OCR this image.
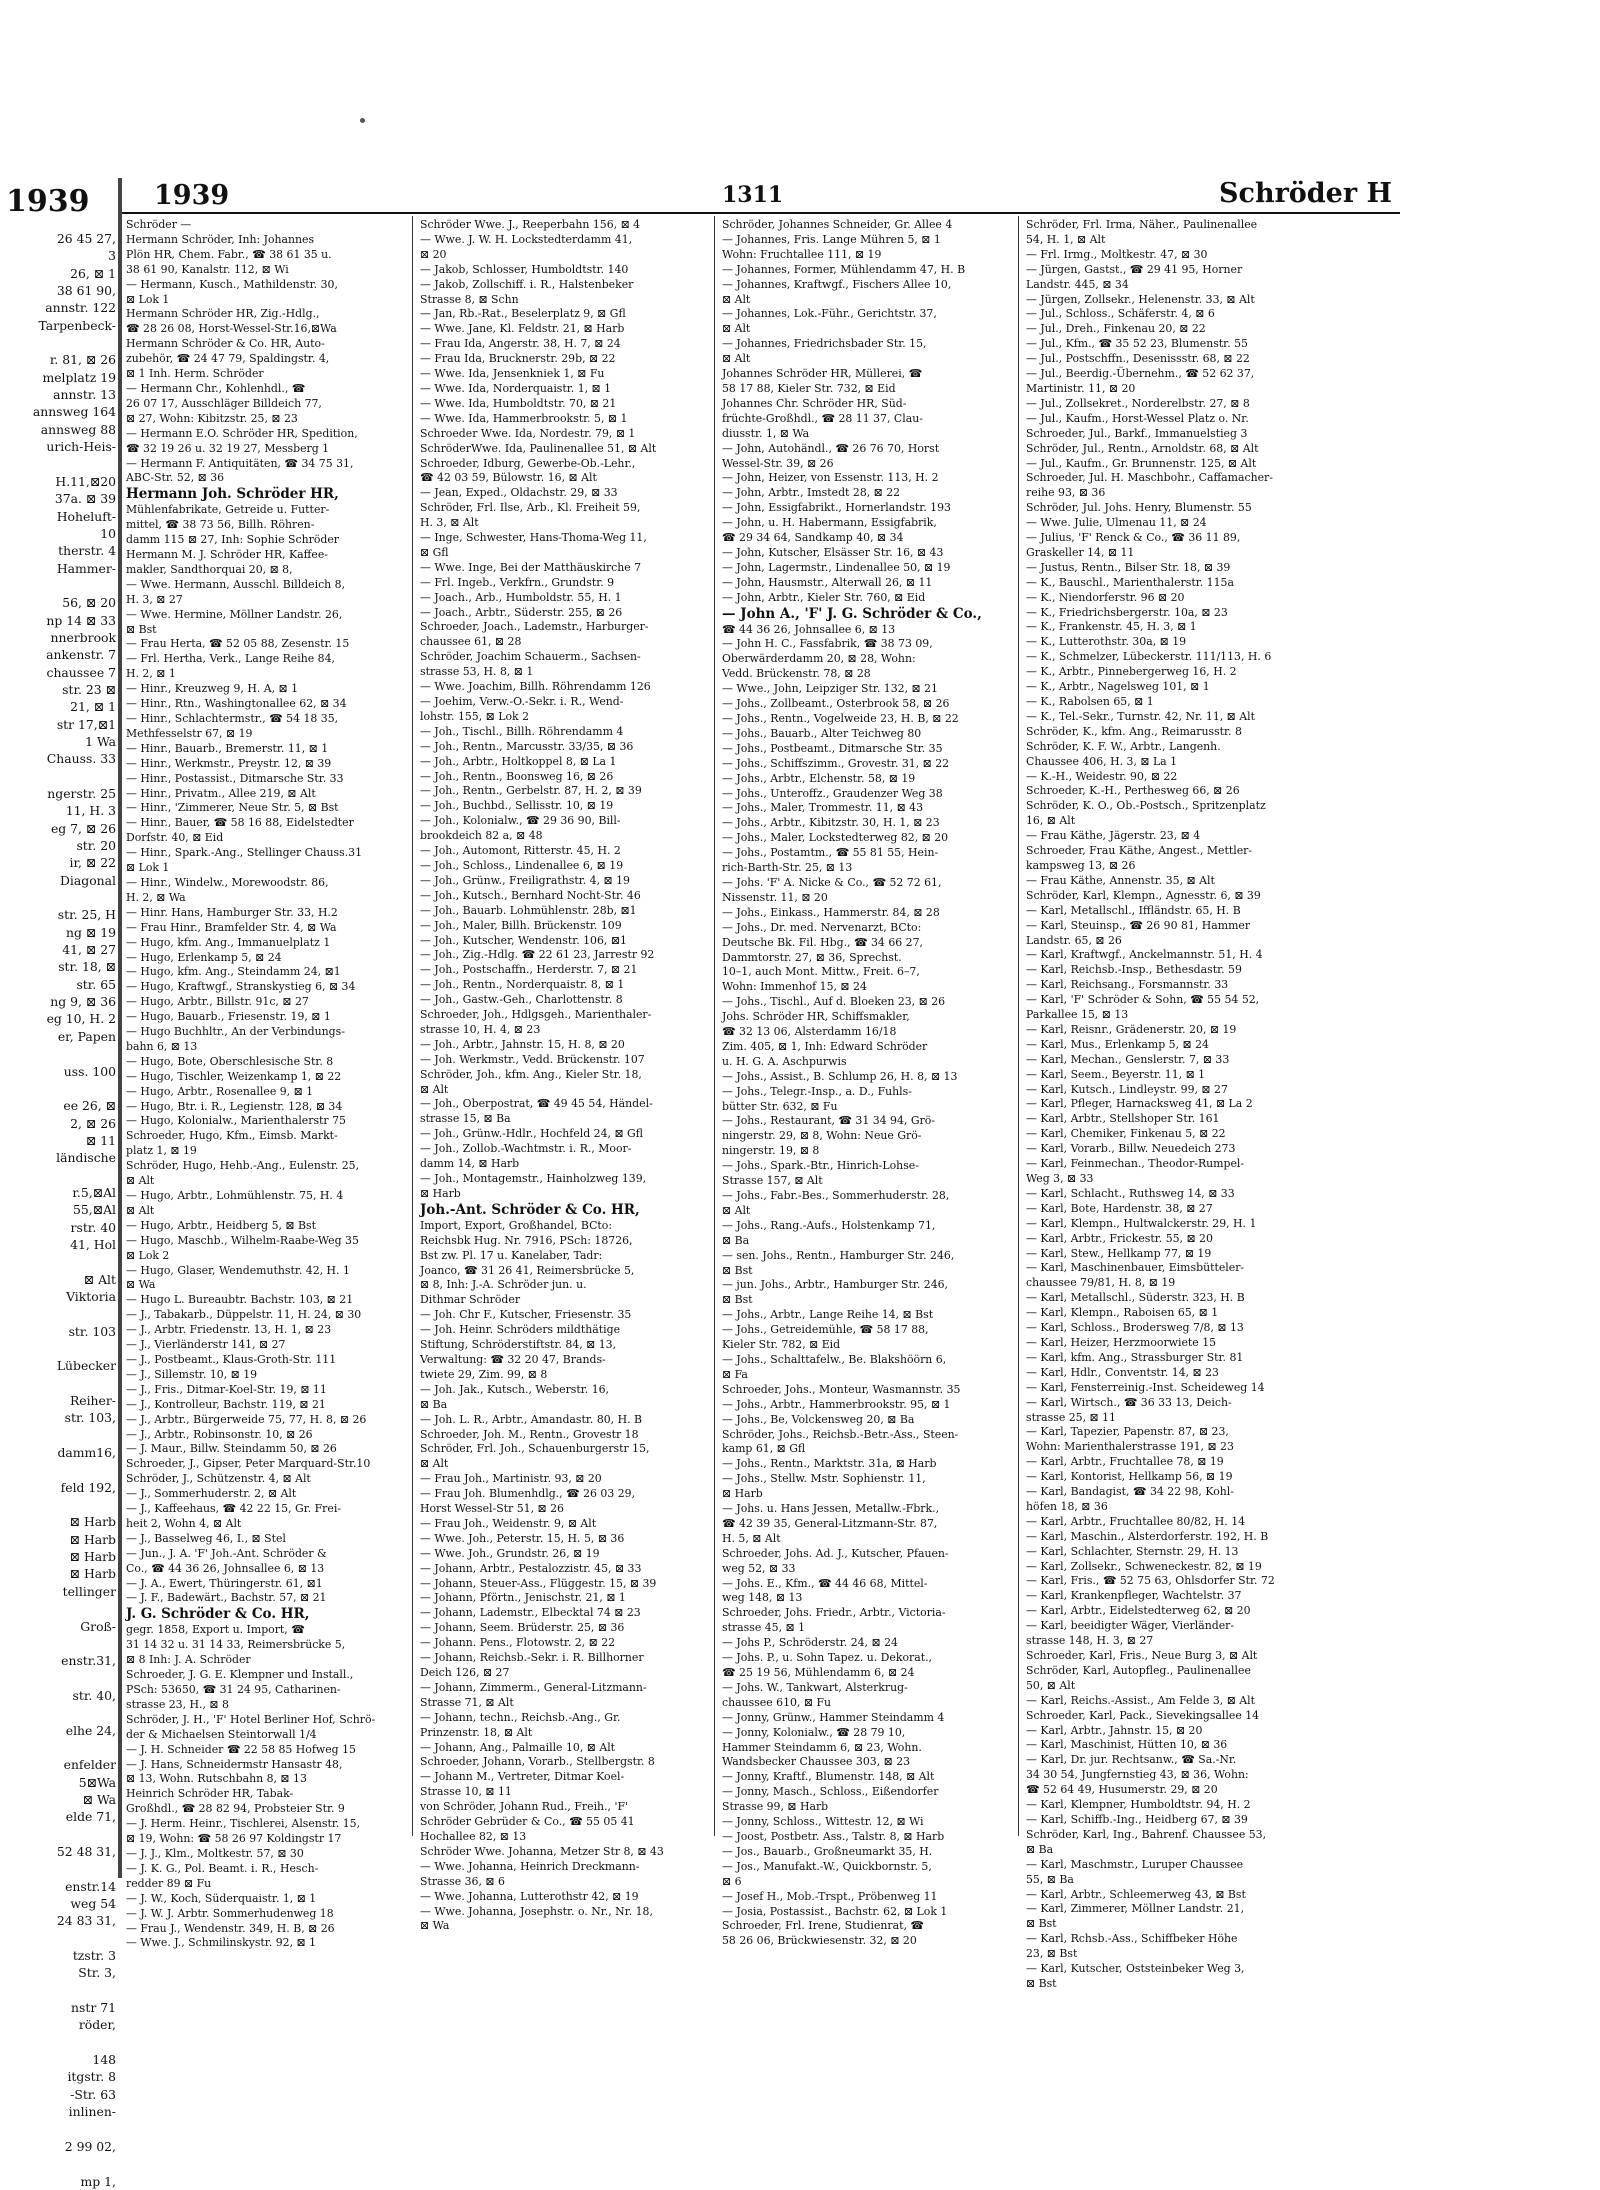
1939
26 45 27,
3
26, ⊠ 1
38 61 90,
annstr. 122
Tarpenbeck-

r. 81, ⊠ 26
melplatz 19
annstr. 13
annsweg 164
annsweg 88
urich-Heis-

H.11,⊠20
37a. ⊠ 39
Hoheluft-
10
therstr. 4
Hammer-

56, ⊠ 20
np 14 ⊠ 33
nnerbrook
ankenstr. 7
chaussee 7
str. 23 ⊠
21, ⊠ 1
str 17,⊠1
1 Wa
Chauss. 33

ngerstr. 25
11, H. 3
eg 7, ⊠ 26
str. 20
ir, ⊠ 22
Diagonal

str. 25, H
ng ⊠ 19
41, ⊠ 27
str. 18, ⊠
str. 65
ng 9, ⊠ 36
eg 10, H. 2
er, Papen

uss. 100

ee 26, ⊠
2, ⊠ 26
⊠ 11
ländische

r.5,⊠Al
55,⊠Al
rstr. 40
41, Hol

⊠ Alt
Viktoria

str. 103

Lübecker

Reiher-
str. 103,

damm16,

feld 192,

⊠ Harb
⊠ Harb
⊠ Harb
⊠ Harb
tellinger

Groß-

enstr.31,

str. 40,

elhe 24,

enfelder
5⊠Wa
⊠ Wa
elde 71,

52 48 31,

enstr.14
weg 54
24 83 31,

tzstr. 3
Str. 3,

nstr 71
röder,

148
itgstr. 8
-Str. 63
inlinen-

2 99 02,

mp 1,
1939	1311	Schröder H
Schröder —
Hermann Schröder, Inh: Johannes
Plön HR, Chem. Fabr., ☎ 38 61 35 u.
38 61 90, Kanalstr. 112, ⊠ Wi
— Hermann, Kusch., Mathildenstr. 30,
⊠ Lok 1
Hermann Schröder HR, Zig.-Hdlg.,
☎ 28 26 08, Horst-Wessel-Str.16,⊠Wa
Hermann Schröder & Co. HR, Auto-
zubehör, ☎ 24 47 79, Spaldingstr. 4,
⊠ 1 Inh. Herm. Schröder
— Hermann Chr., Kohlenhdl., ☎
26 07 17, Ausschläger Billdeich 77,
⊠ 27, Wohn: Kibitzstr. 25, ⊠ 23
— Hermann E.O. Schröder HR, Spedition,
☎ 32 19 26 u. 32 19 27, Messberg 1
— Hermann F. Antiquitäten, ☎ 34 75 31,
ABC-Str. 52, ⊠ 36
Hermann Joh. Schröder HR,
Mühlenfabrikate, Getreide u. Futter-
mittel, ☎ 38 73 56, Billh. Röhren-
damm 115 ⊠ 27, Inh: Sophie Schröder
Hermann M. J. Schröder HR, Kaffee-
makler, Sandthorquai 20, ⊠ 8,
— Wwe. Hermann, Ausschl. Billdeich 8,
H. 3, ⊠ 27
— Wwe. Hermine, Möllner Landstr. 26,
⊠ Bst
— Frau Herta, ☎ 52 05 88, Zesenstr. 15
— Frl. Hertha, Verk., Lange Reihe 84,
H. 2, ⊠ 1
— Hinr., Kreuzweg 9, H. A, ⊠ 1
— Hinr., Rtn., Washingtonallee 62, ⊠ 34
— Hinr., Schlachtermstr., ☎ 54 18 35,
Methfesselstr 67, ⊠ 19
— Hinr., Bauarb., Bremerstr. 11, ⊠ 1
— Hinr., Werkmstr., Preystr. 12, ⊠ 39
— Hinr., Postassist., Ditmarsche Str. 33
— Hinr., Privatm., Allee 219, ⊠ Alt
— Hinr., 'Zimmerer, Neue Str. 5, ⊠ Bst
— Hinr., Bauer, ☎ 58 16 88, Eidelstedter
Dorfstr. 40, ⊠ Eid
— Hinr., Spark.-Ang., Stellinger Chauss.31
⊠ Lok 1
— Hinr., Windelw., Morewoodstr. 86,
H. 2, ⊠ Wa
— Hinr. Hans, Hamburger Str. 33, H.2
— Frau Hinr., Bramfelder Str. 4, ⊠ Wa
— Hugo, kfm. Ang., Immanuelplatz 1
— Hugo, Erlenkamp 5, ⊠ 24
— Hugo, kfm. Ang., Steindamm 24, ⊠1
— Hugo, Kraftwgf., Stranskystieg 6, ⊠ 34
— Hugo, Arbtr., Billstr. 91c, ⊠ 27
— Hugo, Bauarb., Friesenstr. 19, ⊠ 1
— Hugo Buchhltr., An der Verbindungs-
bahn 6, ⊠ 13
— Hugo, Bote, Oberschlesische Str. 8
— Hugo, Tischler, Weizenkamp 1, ⊠ 22
— Hugo, Arbtr., Rosenallee 9, ⊠ 1
— Hugo, Btr. i. R., Legienstr. 128, ⊠ 34
— Hugo, Kolonialw., Marienthalerstr 75
Schroeder, Hugo, Kfm., Eimsb. Markt-
platz 1, ⊠ 19
Schröder, Hugo, Hehb.-Ang., Eulenstr. 25,
⊠ Alt
— Hugo, Arbtr., Lohmühlenstr. 75, H. 4
⊠ Alt
— Hugo, Arbtr., Heidberg 5, ⊠ Bst
— Hugo, Maschb., Wilhelm-Raabe-Weg 35
⊠ Lok 2
— Hugo, Glaser, Wendemuthstr. 42, H. 1
⊠ Wa
— Hugo L. Bureaubtr. Bachstr. 103, ⊠ 21
— J., Tabakarb., Düppelstr. 11, H. 24, ⊠ 30
— J., Arbtr. Friedenstr. 13, H. 1, ⊠ 23
— J., Vierländerstr 141, ⊠ 27
— J., Postbeamt., Klaus-Groth-Str. 111
— J., Sillemstr. 10, ⊠ 19
— J., Fris., Ditmar-Koel-Str. 19, ⊠ 11
— J., Kontrolleur, Bachstr. 119, ⊠ 21
— J., Arbtr., Bürgerweide 75, 77, H. 8, ⊠ 26
— J., Arbtr., Robinsonstr. 10, ⊠ 26
— J. Maur., Billw. Steindamm 50, ⊠ 26
Schroeder, J., Gipser, Peter Marquard-Str.10
Schröder, J., Schützenstr. 4, ⊠ Alt
— J., Sommerhuderstr. 2, ⊠ Alt
— J., Kaffeehaus, ☎ 42 22 15, Gr. Frei-
heit 2, Wohn 4, ⊠ Alt
— J., Basselweg 46, I., ⊠ Stel
— Jun., J. A. 'F' Joh.-Ant. Schröder &
Co., ☎ 44 36 26, Johnsallee 6, ⊠ 13
— J. A., Ewert, Thüringerstr. 61, ⊠1
— J. F., Badewärt., Bachstr. 57, ⊠ 21
J. G. Schröder & Co. HR,
gegr. 1858, Export u. Import, ☎
31 14 32 u. 31 14 33, Reimersbrücke 5,
⊠ 8 Inh: J. A. Schröder
Schroeder, J. G. E. Klempner und Install.,
PSch: 53650, ☎ 31 24 95, Catharinen-
strasse 23, H., ⊠ 8
Schröder, J. H., 'F' Hotel Berliner Hof, Schrö-
der & Michaelsen Steintorwall 1/4
— J. H. Schneider ☎ 22 58 85 Hofweg 15
— J. Hans, Schneidermstr Hansastr 48,
⊠ 13, Wohn. Rutschbahn 8, ⊠ 13
Heinrich Schröder HR, Tabak-
Großhdl., ☎ 28 82 94, Probsteier Str. 9
— J. Herm. Heinr., Tischlerei, Alsenstr. 15,
⊠ 19, Wohn: ☎ 58 26 97 Koldingstr 17
— J. J., Klm., Moltkestr. 57, ⊠ 30
— J. K. G., Pol. Beamt. i. R., Hesch-
redder 89 ⊠ Fu
— J. W., Koch, Süderquaistr. 1, ⊠ 1
— J. W. J. Arbtr. Sommerhudenweg 18
— Frau J., Wendenstr. 349, H. B, ⊠ 26
— Wwe. J., Schmilinskystr. 92, ⊠ 1
Schröder Wwe. J., Reeperbahn 156, ⊠ 4
— Wwe. J. W. H. Lockstedterdamm 41,
⊠ 20
— Jakob, Schlosser, Humboldtstr. 140
— Jakob, Zollschiff. i. R., Halstenbeker
Strasse 8, ⊠ Schn
— Jan, Rb.-Rat., Beselerplatz 9, ⊠ Gfl
— Wwe. Jane, Kl. Feldstr. 21, ⊠ Harb
— Frau Ida, Angerstr. 38, H. 7, ⊠ 24
— Frau Ida, Brucknerstr. 29b, ⊠ 22
— Wwe. Ida, Jensenkniek 1, ⊠ Fu
— Wwe. Ida, Norderquaistr. 1, ⊠ 1
— Wwe. Ida, Humboldtstr. 70, ⊠ 21
— Wwe. Ida, Hammerbrookstr. 5, ⊠ 1
Schroeder Wwe. Ida, Nordestr. 79, ⊠ 1
SchröderWwe. Ida, Paulinenallee 51, ⊠ Alt
Schroeder, Idburg, Gewerbe-Ob.-Lehr.,
☎ 42 03 59, Bülowstr. 16, ⊠ Alt
— Jean, Exped., Oldachstr. 29, ⊠ 33
Schröder, Frl. Ilse, Arb., Kl. Freiheit 59,
H. 3, ⊠ Alt
— Inge, Schwester, Hans-Thoma-Weg 11,
⊠ Gfl
— Wwe. Inge, Bei der Matthäuskirche 7
— Frl. Ingeb., Verkfrn., Grundstr. 9
— Joach., Arb., Humboldstr. 55, H. 1
— Joach., Arbtr., Süderstr. 255, ⊠ 26
Schroeder, Joach., Lademstr., Harburger-
chaussee 61, ⊠ 28
Schröder, Joachim Schauerm., Sachsen-
strasse 53, H. 8, ⊠ 1
— Wwe. Joachim, Billh. Röhrendamm 126
— Joehim, Verw.-O.-Sekr. i. R., Wend-
lohstr. 155, ⊠ Lok 2
— Joh., Tischl., Billh. Röhrendamm 4
— Joh., Rentn., Marcusstr. 33/35, ⊠ 36
— Joh., Arbtr., Holtkoppel 8, ⊠ La 1
— Joh., Rentn., Boonsweg 16, ⊠ 26
— Joh., Rentn., Gerbelstr. 87, H. 2, ⊠ 39
— Joh., Buchbd., Sellisstr. 10, ⊠ 19
— Joh., Kolonialw., ☎ 29 36 90, Bill-
brookdeich 82 a, ⊠ 48
— Joh., Automont, Ritterstr. 45, H. 2
— Joh., Schloss., Lindenallee 6, ⊠ 19
— Joh., Grünw., Freiligrathstr. 4, ⊠ 19
— Joh., Kutsch., Bernhard Nocht-Str. 46
— Joh., Bauarb. Lohmühlenstr. 28b, ⊠1
— Joh., Maler, Billh. Brückenstr. 109
— Joh., Kutscher, Wendenstr. 106, ⊠1
— Joh., Zig.-Hdlg. ☎ 22 61 23, Jarrestr 92
— Joh., Postschaffn., Herderstr. 7, ⊠ 21
— Joh., Rentn., Norderquaistr. 8, ⊠ 1
— Joh., Gastw.-Geh., Charlottenstr. 8
Schroeder, Joh., Hdlgsgeh., Marienthaler-
strasse 10, H. 4, ⊠ 23
— Joh., Arbtr., Jahnstr. 15, H. 8, ⊠ 20
— Joh. Werkmstr., Vedd. Brückenstr. 107
Schröder, Joh., kfm. Ang., Kieler Str. 18,
⊠ Alt
— Joh., Oberpostrat, ☎ 49 45 54, Händel-
strasse 15, ⊠ Ba
— Joh., Grünw.-Hdlr., Hochfeld 24, ⊠ Gfl
— Joh., Zollob.-Wachtmstr. i. R., Moor-
damm 14, ⊠ Harb
— Joh., Montagemstr., Hainholzweg 139,
⊠ Harb
Joh.-Ant. Schröder & Co. HR,
Import, Export, Großhandel, BCto:
Reichsbk Hug. Nr. 7916, PSch: 18726,
Bst zw. Pl. 17 u. Kanelaber, Tadr:
Joanco, ☎ 31 26 41, Reimersbrücke 5,
⊠ 8, Inh: J.-A. Schröder jun. u.
Dithmar Schröder
— Joh. Chr F., Kutscher, Friesenstr. 35
— Joh. Heinr. Schröders mildthätige
Stiftung, Schröderstiftstr. 84, ⊠ 13,
Verwaltung: ☎ 32 20 47, Brands-
twiete 29, Zim. 99, ⊠ 8
— Joh. Jak., Kutsch., Weberstr. 16,
⊠ Ba
— Joh. L. R., Arbtr., Amandastr. 80, H. B
Schroeder, Joh. M., Rentn., Grovestr 18
Schröder, Frl. Joh., Schauenburgerstr 15,
⊠ Alt
— Frau Joh., Martinistr. 93, ⊠ 20
— Frau Joh. Blumenhdlg., ☎ 26 03 29,
Horst Wessel-Str 51, ⊠ 26
— Frau Joh., Weidenstr. 9, ⊠ Alt
— Wwe. Joh., Peterstr. 15, H. 5, ⊠ 36
— Wwe. Joh., Grundstr. 26, ⊠ 19
— Johann, Arbtr., Pestalozzistr. 45, ⊠ 33
— Johann, Steuer-Ass., Flüggestr. 15, ⊠ 39
— Johann, Pförtn., Jenischstr. 21, ⊠ 1
— Johann, Lademstr., Elbecktal 74 ⊠ 23
— Johann, Seem. Brüderstr. 25, ⊠ 36
— Johann. Pens., Flotowstr. 2, ⊠ 22
— Johann, Reichsb.-Sekr. i. R. Billhorner
Deich 126, ⊠ 27
— Johann, Zimmerm., General-Litzmann-
Strasse 71, ⊠ Alt
— Johann, techn., Reichsb.-Ang., Gr.
Prinzenstr. 18, ⊠ Alt
— Johann, Ang., Palmaille 10, ⊠ Alt
Schroeder, Johann, Vorarb., Stellbergstr. 8
— Johann M., Vertreter, Ditmar Koel-
Strasse 10, ⊠ 11
von Schröder, Johann Rud., Freih., 'F'
Schröder Gebrüder & Co., ☎ 55 05 41
Hochallee 82, ⊠ 13
Schröder Wwe. Johanna, Metzer Str 8, ⊠ 43
— Wwe. Johanna, Heinrich Dreckmann-
Strasse 36, ⊠ 6
— Wwe. Johanna, Lutterothstr 42, ⊠ 19
— Wwe. Johanna, Josephstr. o. Nr., Nr. 18,
⊠ Wa
Schröder, Johannes Schneider, Gr. Allee 4
— Johannes, Fris. Lange Mühren 5, ⊠ 1
Wohn: Fruchtallee 111, ⊠ 19
— Johannes, Former, Mühlendamm 47, H. B
— Johannes, Kraftwgf., Fischers Allee 10,
⊠ Alt
— Johannes, Lok.-Führ., Gerichtstr. 37,
⊠ Alt
— Johannes, Friedrichsbader Str. 15,
⊠ Alt
Johannes Schröder HR, Müllerei, ☎
58 17 88, Kieler Str. 732, ⊠ Eid
Johannes Chr. Schröder HR, Süd-
früchte-Großhdl., ☎ 28 11 37, Clau-
diusstr. 1, ⊠ Wa
— John, Autohändl., ☎ 26 76 70, Horst
Wessel-Str. 39, ⊠ 26
— John, Heizer, von Essenstr. 113, H. 2
— John, Arbtr., Imstedt 28, ⊠ 22
— John, Essigfabrikt., Hornerlandstr. 193
— John, u. H. Habermann, Essigfabrik,
☎ 29 34 64, Sandkamp 40, ⊠ 34
— John, Kutscher, Elsässer Str. 16, ⊠ 43
— John, Lagermstr., Lindenallee 50, ⊠ 19
— John, Hausmstr., Alterwall 26, ⊠ 11
— John, Arbtr., Kieler Str. 760, ⊠ Eid
— John A., 'F' J. G. Schröder & Co.,
☎ 44 36 26, Johnsallee 6, ⊠ 13
— John H. C., Fassfabrik, ☎ 38 73 09,
Oberwärderdamm 20, ⊠ 28, Wohn:
Vedd. Brückenstr. 78, ⊠ 28
— Wwe., John, Leipziger Str. 132, ⊠ 21
— Johs., Zollbeamt., Osterbrook 58, ⊠ 26
— Johs., Rentn., Vogelweide 23, H. B, ⊠ 22
— Johs., Bauarb., Alter Teichweg 80
— Johs., Postbeamt., Ditmarsche Str. 35
— Johs., Schiffszimm., Grovestr. 31, ⊠ 22
— Johs., Arbtr., Elchenstr. 58, ⊠ 19
— Johs., Unteroffz., Graudenzer Weg 38
— Johs., Maler, Trommestr. 11, ⊠ 43
— Johs., Arbtr., Kibitzstr. 30, H. 1, ⊠ 23
— Johs., Maler, Lockstedterweg 82, ⊠ 20
— Johs., Postamtm., ☎ 55 81 55, Hein-
rich-Barth-Str. 25, ⊠ 13
— Johs. 'F' A. Nicke & Co., ☎ 52 72 61,
Nissenstr. 11, ⊠ 20
— Johs., Einkass., Hammerstr. 84, ⊠ 28
— Johs., Dr. med. Nervenarzt, BCto:
Deutsche Bk. Fil. Hbg., ☎ 34 66 27,
Dammtorstr. 27, ⊠ 36, Sprechst.
10–1, auch Mont. Mittw., Freit. 6–7,
Wohn: Immenhof 15, ⊠ 24
— Johs., Tischl., Auf d. Bloeken 23, ⊠ 26
Johs. Schröder HR, Schiffsmakler,
☎ 32 13 06, Alsterdamm 16/18
Zim. 405, ⊠ 1, Inh: Edward Schröder
u. H. G. A. Aschpurwis
— Johs., Assist., B. Schlump 26, H. 8, ⊠ 13
— Johs., Telegr.-Insp., a. D., Fuhls-
bütter Str. 632, ⊠ Fu
— Johs., Restaurant, ☎ 31 34 94, Grö-
ningerstr. 29, ⊠ 8, Wohn: Neue Grö-
ningerstr. 19, ⊠ 8
— Johs., Spark.-Btr., Hinrich-Lohse-
Strasse 157, ⊠ Alt
— Johs., Fabr.-Bes., Sommerhuderstr. 28,
⊠ Alt
— Johs., Rang.-Aufs., Holstenkamp 71,
⊠ Ba
— sen. Johs., Rentn., Hamburger Str. 246,
⊠ Bst
— jun. Johs., Arbtr., Hamburger Str. 246,
⊠ Bst
— Johs., Arbtr., Lange Reihe 14, ⊠ Bst
— Johs., Getreidemühle, ☎ 58 17 88,
Kieler Str. 782, ⊠ Eid
— Johs., Schalttafelw., Be. Blakshöörn 6,
⊠ Fa
Schroeder, Johs., Monteur, Wasmannstr. 35
— Johs., Arbtr., Hammerbrookstr. 95, ⊠ 1
— Johs., Be, Volckensweg 20, ⊠ Ba
Schröder, Johs., Reichsb.-Betr.-Ass., Steen-
kamp 61, ⊠ Gfl
— Johs., Rentn., Marktstr. 31a, ⊠ Harb
— Johs., Stellw. Mstr. Sophienstr. 11,
⊠ Harb
— Johs. u. Hans Jessen, Metallw.-Fbrk.,
☎ 42 39 35, General-Litzmann-Str. 87,
H. 5, ⊠ Alt
Schroeder, Johs. Ad. J., Kutscher, Pfauen-
weg 52, ⊠ 33
— Johs. E., Kfm., ☎ 44 46 68, Mittel-
weg 148, ⊠ 13
Schroeder, Johs. Friedr., Arbtr., Victoria-
strasse 45, ⊠ 1
— Johs P., Schröderstr. 24, ⊠ 24
— Johs. P., u. Sohn Tapez. u. Dekorat.,
☎ 25 19 56, Mühlendamm 6, ⊠ 24
— Johs. W., Tankwart, Alsterkrug-
chaussee 610, ⊠ Fu
— Jonny, Grünw., Hammer Steindamm 4
— Jonny, Kolonialw., ☎ 28 79 10,
Hammer Steindamm 6, ⊠ 23, Wohn.
Wandsbecker Chaussee 303, ⊠ 23
— Jonny, Kraftf., Blumenstr. 148, ⊠ Alt
— Jonny, Masch., Schloss., Eißendorfer
Strasse 99, ⊠ Harb
— Jonny, Schloss., Wittestr. 12, ⊠ Wi
— Joost, Postbetr. Ass., Talstr. 8, ⊠ Harb
— Jos., Bauarb., Großneumarkt 35, H.
— Jos., Manufakt.-W., Quickbornstr. 5,
⊠ 6
— Josef H., Mob.-Trspt., Pröbenweg 11
— Josia, Postassist., Bachstr. 62, ⊠ Lok 1
Schroeder, Frl. Irene, Studienrat, ☎
58 26 06, Brückwiesenstr. 32, ⊠ 20
Schröder, Frl. Irma, Näher., Paulinenallee
54, H. 1, ⊠ Alt
— Frl. Irmg., Moltkestr. 47, ⊠ 30
— Jürgen, Gastst., ☎ 29 41 95, Horner
Landstr. 445, ⊠ 34
— Jürgen, Zollsekr., Helenenstr. 33, ⊠ Alt
— Jul., Schloss., Schäferstr. 4, ⊠ 6
— Jul., Dreh., Finkenau 20, ⊠ 22
— Jul., Kfm., ☎ 35 52 23, Blumenstr. 55
— Jul., Postschffn., Desenissstr. 68, ⊠ 22
— Jul., Beerdig.-Übernehm., ☎ 52 62 37,
Martinistr. 11, ⊠ 20
— Jul., Zollsekret., Norderelbstr. 27, ⊠ 8
— Jul., Kaufm., Horst-Wessel Platz o. Nr.
Schroeder, Jul., Barkf., Immanuelstieg 3
Schröder, Jul., Rentn., Arnoldstr. 68, ⊠ Alt
— Jul., Kaufm., Gr. Brunnenstr. 125, ⊠ Alt
Schroeder, Jul. H. Maschbohr., Caffamacher-
reihe 93, ⊠ 36
Schröder, Jul. Johs. Henry, Blumenstr. 55
— Wwe. Julie, Ulmenau 11, ⊠ 24
— Julius, 'F' Renck & Co., ☎ 36 11 89,
Graskeller 14, ⊠ 11
— Justus, Rentn., Bilser Str. 18, ⊠ 39
— K., Bauschl., Marienthalerstr. 115a
— K., Niendorferstr. 96 ⊠ 20
— K., Friedrichsbergerstr. 10a, ⊠ 23
— K., Frankenstr. 45, H. 3, ⊠ 1
— K., Lutterothstr. 30a, ⊠ 19
— K., Schmelzer, Lübeckerstr. 111/113, H. 6
— K., Arbtr., Pinnebergerweg 16, H. 2
— K., Arbtr., Nagelsweg 101, ⊠ 1
— K., Rabolsen 65, ⊠ 1
— K., Tel.-Sekr., Turnstr. 42, Nr. 11, ⊠ Alt
Schröder, K., kfm. Ang., Reimarusstr. 8
Schröder, K. F. W., Arbtr., Langenh.
Chaussee 406, H. 3, ⊠ La 1
— K.-H., Weidestr. 90, ⊠ 22
Schroeder, K.-H., Perthesweg 66, ⊠ 26
Schröder, K. O., Ob.-Postsch., Spritzenplatz
16, ⊠ Alt
— Frau Käthe, Jägerstr. 23, ⊠ 4
Schroeder, Frau Käthe, Angest., Mettler-
kampsweg 13, ⊠ 26
— Frau Käthe, Annenstr. 35, ⊠ Alt
Schröder, Karl, Klempn., Agnesstr. 6, ⊠ 39
— Karl, Metallschl., Iffländstr. 65, H. B
— Karl, Steuinsp., ☎ 26 90 81, Hammer
Landstr. 65, ⊠ 26
— Karl, Kraftwgf., Anckelmannstr. 51, H. 4
— Karl, Reichsb.-Insp., Bethesdastr. 59
— Karl, Reichsang., Forsmannstr. 33
— Karl, 'F' Schröder & Sohn, ☎ 55 54 52,
Parkallee 15, ⊠ 13
— Karl, Reisnr., Grädenerstr. 20, ⊠ 19
— Karl, Mus., Erlenkamp 5, ⊠ 24
— Karl, Mechan., Genslerstr. 7, ⊠ 33
— Karl, Seem., Beyerstr. 11, ⊠ 1
— Karl, Kutsch., Lindleystr. 99, ⊠ 27
— Karl, Pfleger, Harnacksweg 41, ⊠ La 2
— Karl, Arbtr., Stellshoper Str. 161
— Karl, Chemiker, Finkenau 5, ⊠ 22
— Karl, Vorarb., Billw. Neuedeich 273
— Karl, Feinmechan., Theodor-Rumpel-
Weg 3, ⊠ 33
— Karl, Schlacht., Ruthsweg 14, ⊠ 33
— Karl, Bote, Hardenstr. 38, ⊠ 27
— Karl, Klempn., Hultwalckerstr. 29, H. 1
— Karl, Arbtr., Frickestr. 55, ⊠ 20
— Karl, Stew., Hellkamp 77, ⊠ 19
— Karl, Maschinenbauer, Eimsbütteler-
chaussee 79/81, H. 8, ⊠ 19
— Karl, Metallschl., Süderstr. 323, H. B
— Karl, Klempn., Raboisen 65, ⊠ 1
— Karl, Schloss., Brodersweg 7/8, ⊠ 13
— Karl, Heizer, Herzmoorwiete 15
— Karl, kfm. Ang., Strassburger Str. 81
— Karl, Hdlr., Conventstr. 14, ⊠ 23
— Karl, Fensterreinig.-Inst. Scheideweg 14
— Karl, Wirtsch., ☎ 36 33 13, Deich-
strasse 25, ⊠ 11
— Karl, Tapezier, Papenstr. 87, ⊠ 23,
Wohn: Marienthalerstrasse 191, ⊠ 23
— Karl, Arbtr., Fruchtallee 78, ⊠ 19
— Karl, Kontorist, Hellkamp 56, ⊠ 19
— Karl, Bandagist, ☎ 34 22 98, Kohl-
höfen 18, ⊠ 36
— Karl, Arbtr., Fruchtallee 80/82, H. 14
— Karl, Maschin., Alsterdorferstr. 192, H. B
— Karl, Schlachter, Sternstr. 29, H. 13
— Karl, Zollsekr., Schweneckestr. 82, ⊠ 19
— Karl, Fris., ☎ 52 75 63, Ohlsdorfer Str. 72
— Karl, Krankenpfleger, Wachtelstr. 37
— Karl, Arbtr., Eidelstedterweg 62, ⊠ 20
— Karl, beeidigter Wäger, Vierländer-
strasse 148, H. 3, ⊠ 27
Schroeder, Karl, Fris., Neue Burg 3, ⊠ Alt
Schröder, Karl, Autopfleg., Paulinenallee
50, ⊠ Alt
— Karl, Reichs.-Assist., Am Felde 3, ⊠ Alt
Schroeder, Karl, Pack., Sievekingsallee 14
— Karl, Arbtr., Jahnstr. 15, ⊠ 20
— Karl, Maschinist, Hütten 10, ⊠ 36
— Karl, Dr. jur. Rechtsanw., ☎ Sa.-Nr.
34 30 54, Jungfernstieg 43, ⊠ 36, Wohn:
☎ 52 64 49, Husumerstr. 29, ⊠ 20
— Karl, Klempner, Humboldtstr. 94, H. 2
— Karl, Schiffb.-Ing., Heidberg 67, ⊠ 39
Schröder, Karl, Ing., Bahrenf. Chaussee 53,
⊠ Ba
— Karl, Maschmstr., Luruper Chaussee
55, ⊠ Ba
— Karl, Arbtr., Schleemerweg 43, ⊠ Bst
— Karl, Zimmerer, Möllner Landstr. 21,
⊠ Bst
— Karl, Rchsb.-Ass., Schiffbeker Höhe
23, ⊠ Bst
— Karl, Kutscher, Oststeinbeker Weg 3,
⊠ Bst
